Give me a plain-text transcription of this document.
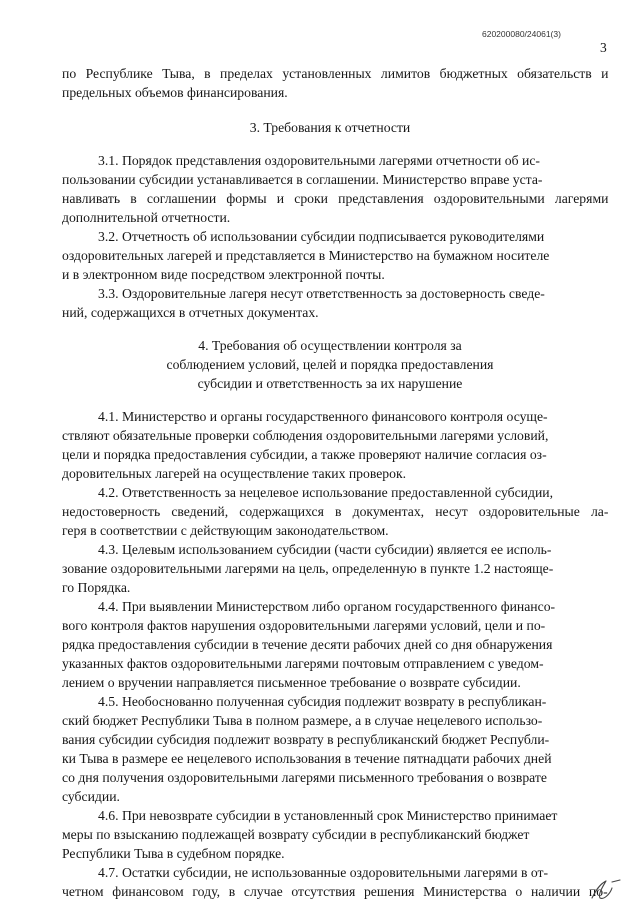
620200080/24061(3)
3
по Республике Тыва, в пределах установленных лимитов бюджетных обязательств и
предельных объемов финансирования.
3. Требования к отчетности
3.1. Порядок представления оздоровительными лагерями отчетности об ис-
пользовании субсидии устанавливается в соглашении. Министерство вправе уста-
навливать в соглашении формы и сроки представления оздоровительными лагерями
дополнительной отчетности.
3.2. Отчетность об использовании субсидии подписывается руководителями
оздоровительных лагерей и представляется в Министерство на бумажном носителе
и в электронном виде посредством электронной почты.
3.3. Оздоровительные лагеря несут ответственность за достоверность сведе-
ний, содержащихся в отчетных документах.
4. Требования об осуществлении контроля за
соблюдением условий, целей и порядка предоставления
субсидии и ответственность за их нарушение
4.1. Министерство и органы государственного финансового контроля осуще-
ствляют обязательные проверки соблюдения оздоровительными лагерями условий,
цели и порядка предоставления субсидии, а также проверяют наличие согласия оз-
доровительных лагерей на осуществление таких проверок.
4.2. Ответственность за нецелевое использование предоставленной субсидии,
недостоверность сведений, содержащихся в документах, несут оздоровительные ла-
геря в соответствии с действующим законодательством.
4.3. Целевым использованием субсидии (части субсидии) является ее исполь-
зование оздоровительными лагерями на цель, определенную в пункте 1.2 настояще-
го Порядка.
4.4. При выявлении Министерством либо органом государственного финансо-
вого контроля фактов нарушения оздоровительными лагерями условий, цели и по-
рядка предоставления субсидии в течение десяти рабочих дней со дня обнаружения
указанных фактов оздоровительными лагерями почтовым отправлением с уведом-
лением о вручении направляется письменное требование о возврате субсидии.
4.5. Необоснованно полученная субсидия подлежит возврату в республикан-
ский бюджет Республики Тыва в полном размере, а в случае нецелевого использо-
вания субсидии субсидия подлежит возврату в республиканский бюджет Республи-
ки Тыва в размере ее нецелевого использования в течение пятнадцати рабочих дней
со дня получения оздоровительными лагерями письменного требования о возврате
субсидии.
4.6. При невозврате субсидии в установленный срок Министерство принимает
меры по взысканию подлежащей возврату субсидии в республиканский бюджет
Республики Тыва в судебном порядке.
4.7. Остатки субсидии, не использованные оздоровительными лагерями в от-
четном финансовом году, в случае отсутствия решения Министерства о наличии по-
